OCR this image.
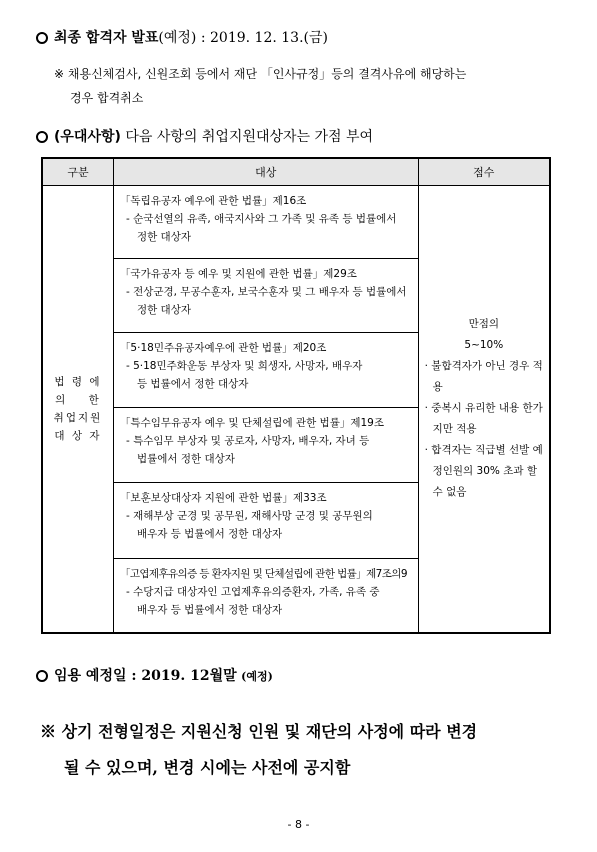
최종 합격자 발표(예정) : 2019. 12. 13.(금)
※ 채용신체검사, 신원조회 등에서 재단 「인사규정」등의 결격사유에 해당하는
경우 합격취소
(우대사항) 다음 사항의 취업지원대상자는 가점 부여
구분	대상	점수
법 령 에
의    한
취업지원
대 상 자	「독립유공자 예우에 관한 법률」제16조
- 순국선열의 유족, 애국지사와 그 가족 및 유족 등 법률에서
정한 대상자	만점의
5~10%
· 불합격자가 아닌 경우 적용
· 중복시 유리한 내용 한가지만 적용
· 합격자는 직급별 선발 예정인원의 30% 초과 할 수 없음

	「국가유공자 등 예우 및 지원에 관한 법률」제29조
- 전상군경, 무공수훈자, 보국수훈자 및 그 배우자 등 법률에서
정한 대상자	

	「5·18민주유공자예우에 관한 법률」제20조
- 5·18민주화운동 부상자 및 희생자, 사망자, 배우자
등 법률에서 정한 대상자	

	「특수임무유공자 예우 및 단체설립에 관한 법률」제19조
- 특수임무 부상자 및 공로자, 사망자, 배우자, 자녀 등
법률에서 정한 대상자	

	「보훈보상대상자 지원에 관한 법률」제33조
- 재해부상 군경 및 공무원, 재해사망 군경 및 공무원의
배우자 등 법률에서 정한 대상자	

	「고엽제후유의증 등 환자지원 및 단체설립에 관한 법률」제7조의9
- 수당지급 대상자인 고엽제후유의증환자, 가족, 유족 중
배우자 등 법률에서 정한 대상자	
임용 예정일 : 2019. 12월말 (예정)
※ 상기 전형일정은 지원신청 인원 및 재단의 사정에 따라 변경
될 수 있으며, 변경 시에는 사전에 공지함
- 8 -
